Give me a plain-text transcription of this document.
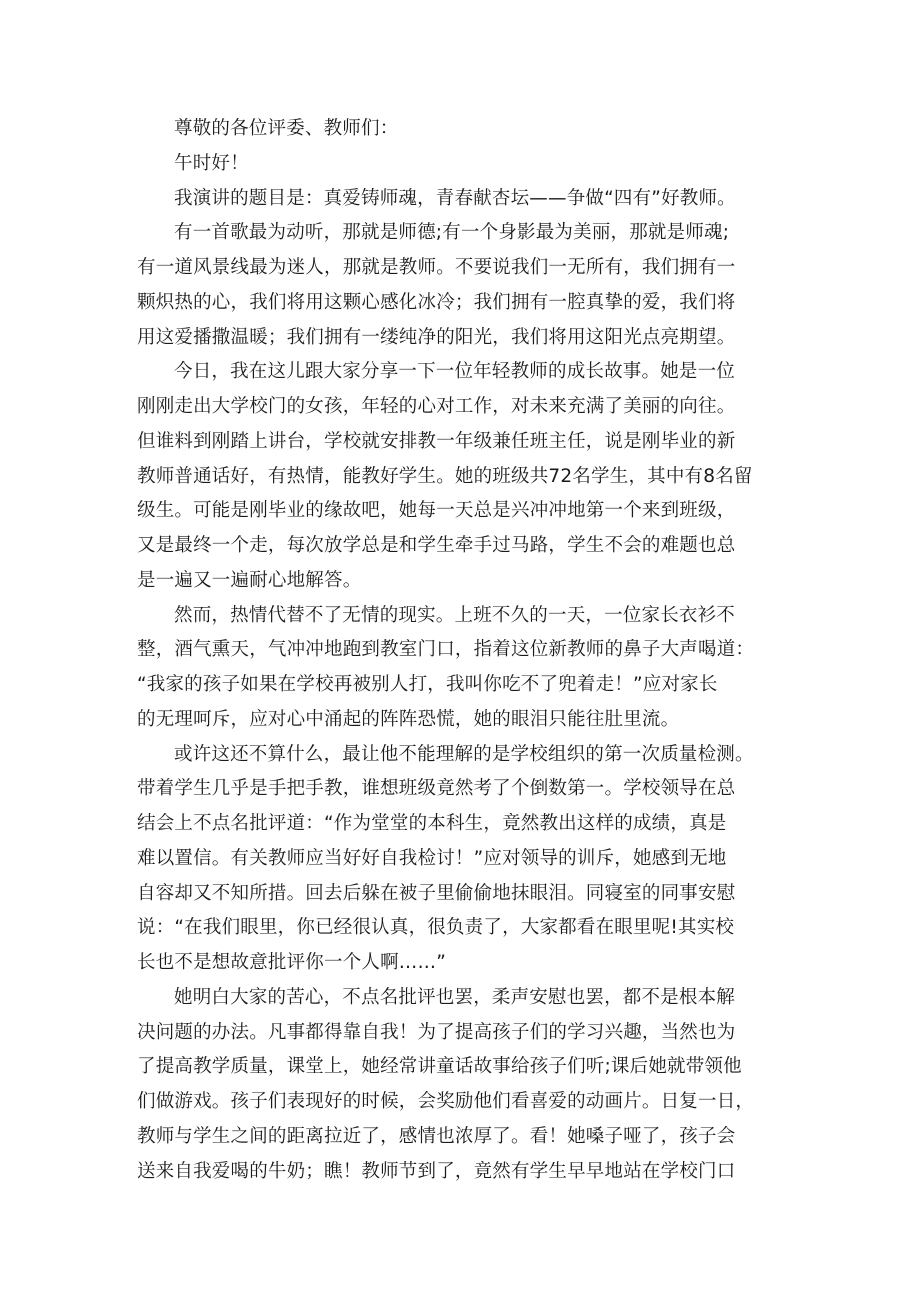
尊敬的各位评委、教师们：
午时好！
我演讲的题目是：真爱铸师魂，青春献杏坛——争做“四有”好教师。
有一首歌最为动听，那就是师德;有一个身影最为美丽，那就是师魂;
有一道风景线最为迷人，那就是教师。不要说我们一无所有，我们拥有一
颗炽热的心，我们将用这颗心感化冰冷；我们拥有一腔真挚的爱，我们将
用这爱播撒温暖；我们拥有一缕纯净的阳光，我们将用这阳光点亮期望。
今日，我在这儿跟大家分享一下一位年轻教师的成长故事。她是一位
刚刚走出大学校门的女孩，年轻的心对工作，对未来充满了美丽的向往。
但谁料到刚踏上讲台，学校就安排教一年级兼任班主任，说是刚毕业的新
教师普通话好，有热情，能教好学生。她的班级共72名学生，其中有8名留
级生。可能是刚毕业的缘故吧，她每一天总是兴冲冲地第一个来到班级，
又是最终一个走，每次放学总是和学生牵手过马路，学生不会的难题也总
是一遍又一遍耐心地解答。
然而，热情代替不了无情的现实。上班不久的一天，一位家长衣衫不
整，酒气熏天，气冲冲地跑到教室门口，指着这位新教师的鼻子大声喝道：
“我家的孩子如果在学校再被别人打，我叫你吃不了兜着走！”应对家长
的无理呵斥，应对心中涌起的阵阵恐慌，她的眼泪只能往肚里流。
或许这还不算什么，最让他不能理解的是学校组织的第一次质量检测。
带着学生几乎是手把手教，谁想班级竟然考了个倒数第一。学校领导在总
结会上不点名批评道：“作为堂堂的本科生，竟然教出这样的成绩，真是
难以置信。有关教师应当好好自我检讨！”应对领导的训斥，她感到无地
自容却又不知所措。回去后躲在被子里偷偷地抹眼泪。同寝室的同事安慰
说：“在我们眼里，你已经很认真，很负责了，大家都看在眼里呢!其实校
长也不是想故意批评你一个人啊……”
她明白大家的苦心，不点名批评也罢，柔声安慰也罢，都不是根本解
决问题的办法。凡事都得靠自我！为了提高孩子们的学习兴趣，当然也为
了提高教学质量，课堂上，她经常讲童话故事给孩子们听;课后她就带领他
们做游戏。孩子们表现好的时候，会奖励他们看喜爱的动画片。日复一日，
教师与学生之间的距离拉近了，感情也浓厚了。看！她嗓子哑了，孩子会
送来自我爱喝的牛奶；瞧！教师节到了，竟然有学生早早地站在学校门口
